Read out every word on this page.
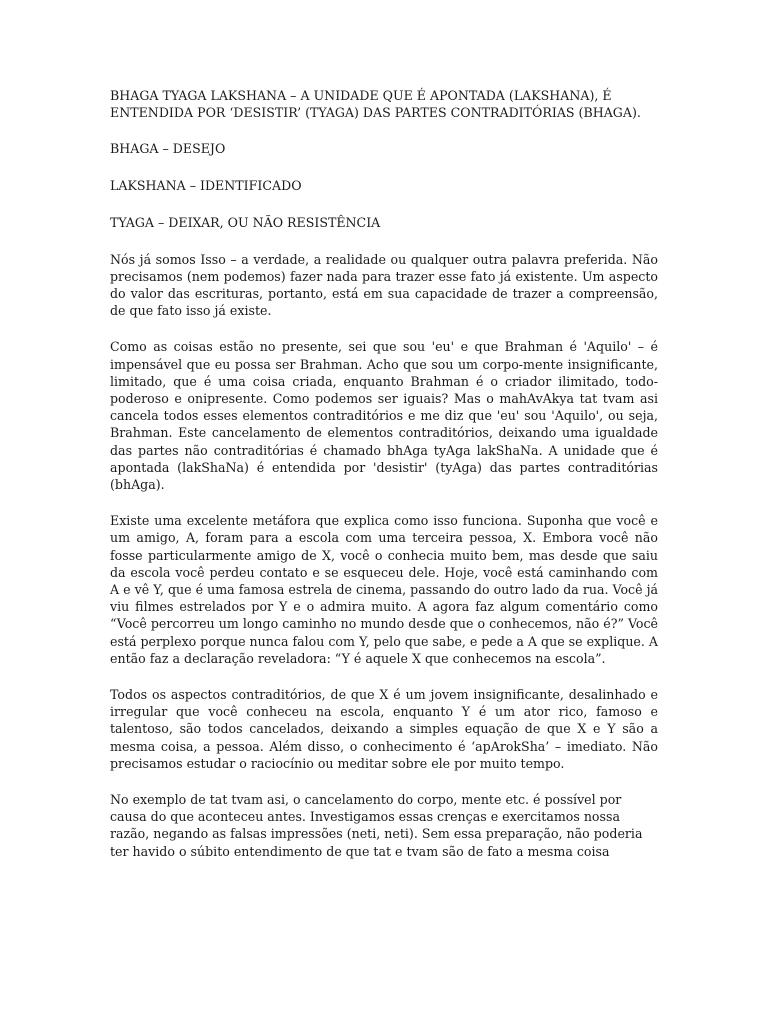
BHAGA TYAGA LAKSHANA – A UNIDADE QUE É APONTADA (LAKSHANA), É ENTENDIDA POR ‘DESISTIR’ (TYAGA) DAS PARTES CONTRADITÓRIAS (BHAGA).

BHAGA – DESEJO

LAKSHANA – IDENTIFICADO

TYAGA – DEIXAR, OU NÃO RESISTÊNCIA

Nós já somos Isso – a verdade, a realidade ou qualquer outra palavra preferida. Não precisamos (nem podemos) fazer nada para trazer esse fato já existente. Um aspecto do valor das escrituras, portanto, está em sua capacidade de trazer a compreensão, de que fato isso já existe.

Como as coisas estão no presente, sei que sou 'eu' e que Brahman é 'Aquilo' – é impensável que eu possa ser Brahman. Acho que sou um corpo-mente insignificante, limitado, que é uma coisa criada, enquanto Brahman é o criador ilimitado, todo-poderoso e onipresente. Como podemos ser iguais? Mas o mahAvAkya tat tvam asi cancela todos esses elementos contraditórios e me diz que 'eu' sou 'Aquilo', ou seja, Brahman. Este cancelamento de elementos contraditórios, deixando uma igualdade das partes não contraditórias é chamado bhAga tyAga lakShaNa. A unidade que é apontada (lakShaNa) é entendida por 'desistir' (tyAga) das partes contraditórias (bhAga).

Existe uma excelente metáfora que explica como isso funciona. Suponha que você e um amigo, A, foram para a escola com uma terceira pessoa, X. Embora você não fosse particularmente amigo de X, você o conhecia muito bem, mas desde que saiu da escola você perdeu contato e se esqueceu dele. Hoje, você está caminhando com A e vê Y, que é uma famosa estrela de cinema, passando do outro lado da rua. Você já viu filmes estrelados por Y e o admira muito. A agora faz algum comentário como “Você percorreu um longo caminho no mundo desde que o conhecemos, não é?” Você está perplexo porque nunca falou com Y, pelo que sabe, e pede a A que se explique. A então faz a declaração reveladora: “Y é aquele X que conhecemos na escola”.

Todos os aspectos contraditórios, de que X é um jovem insignificante, desalinhado e irregular que você conheceu na escola, enquanto Y é um ator rico, famoso e talentoso, são todos cancelados, deixando a simples equação de que X e Y são a mesma coisa, a pessoa. Além disso, o conhecimento é ‘apArokSha’ – imediato. Não precisamos estudar o raciocínio ou meditar sobre ele por muito tempo.

No exemplo de tat tvam asi, o cancelamento do corpo, mente etc. é possível por causa do que aconteceu antes. Investigamos essas crenças e exercitamos nossa razão, negando as falsas impressões (neti, neti). Sem essa preparação, não poderia ter havido o súbito entendimento de que tat e tvam são de fato a mesma coisa
